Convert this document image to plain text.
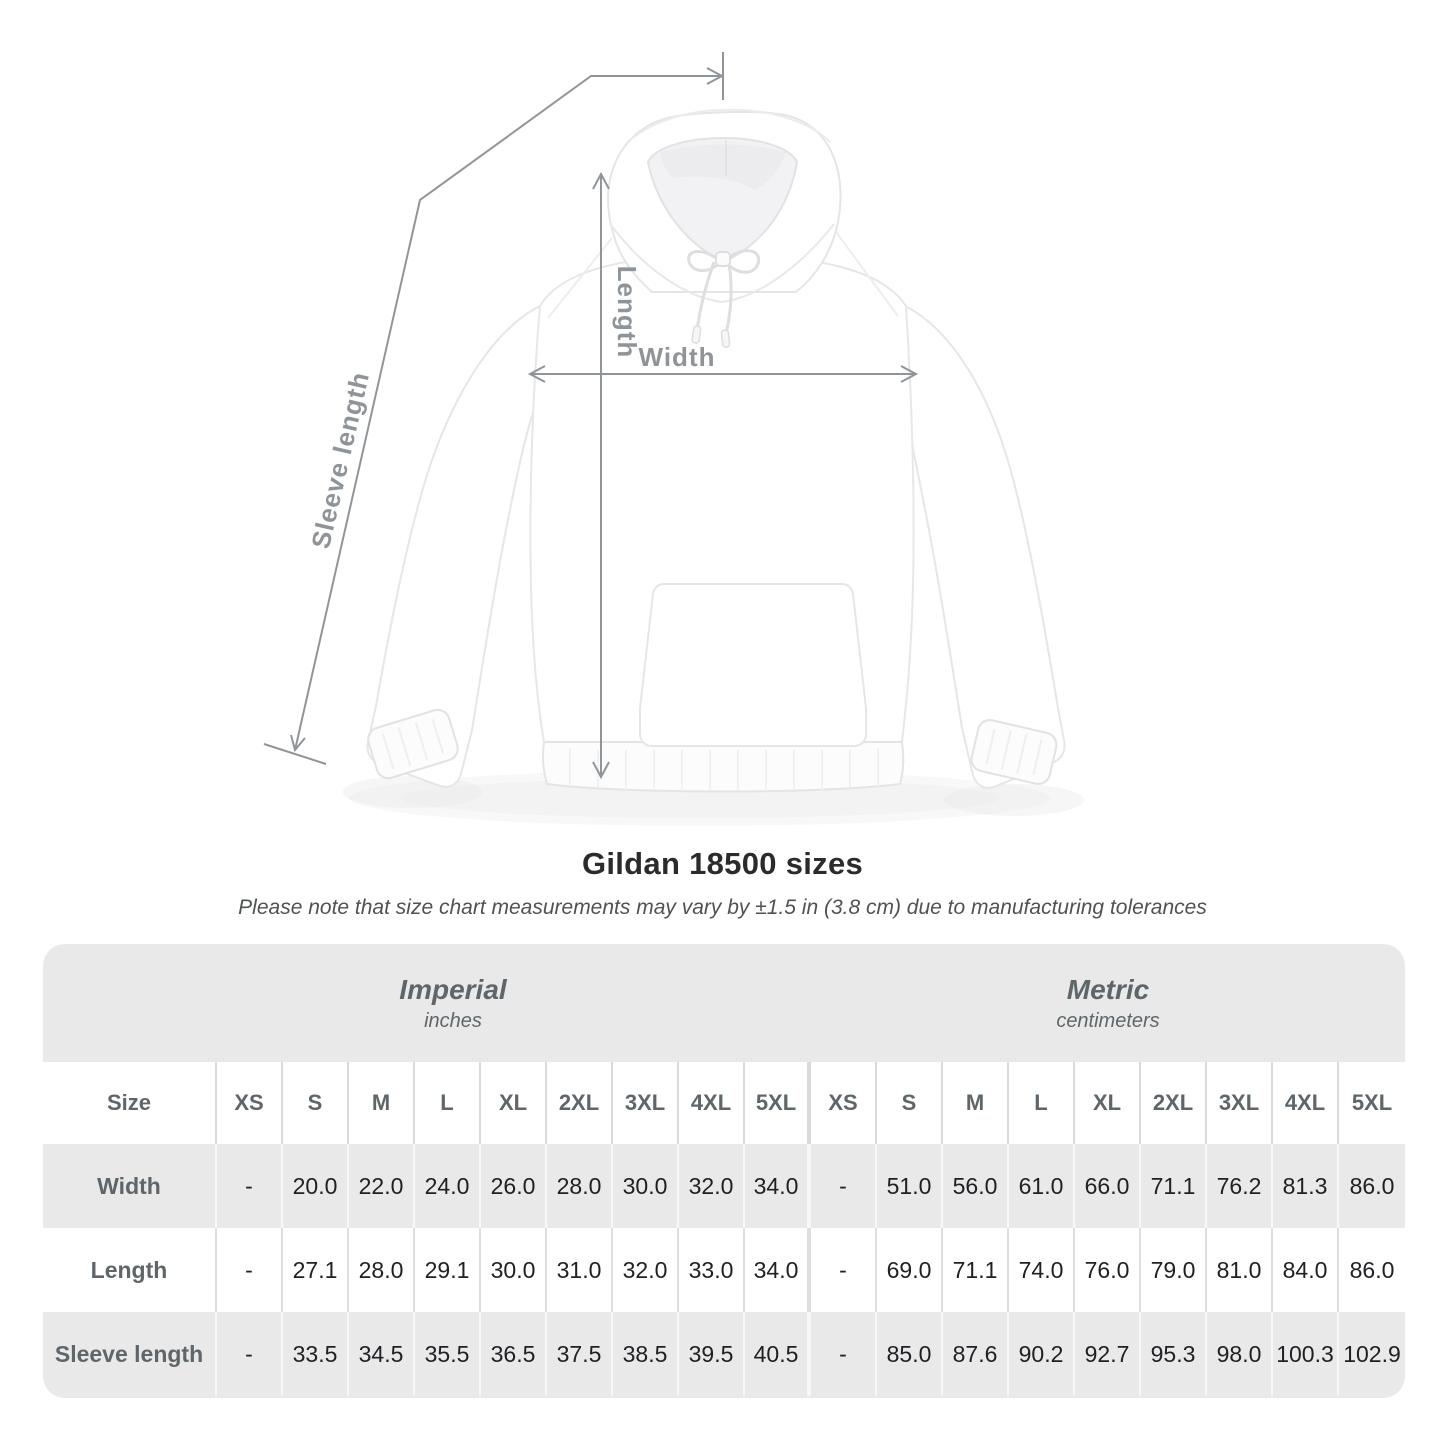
Width
Length
Sleeve length
Gildan 18500 sizes
Please note that size chart measurements may vary by ±1.5 in (3.8 cm) due to manufacturing tolerances
Imperial
inches
Metric
centimeters
Size	XS	S	M	L	XL	2XL	3XL	4XL	5XL	XS	S	M	L	XL	2XL	3XL	4XL	5XL
Width	-	20.0 22.0 24.0 26.0 28.0 30.0 32.0 34.0	-	51.0 56.0 61.0 66.0 71.1 76.2 81.3 86.0
Length	-	27.1 28.0 29.1 30.0 31.0 32.0 33.0 34.0	-	69.0 71.1 74.0 76.0 79.0 81.0 84.0 86.0
Sleeve length	-	33.5 34.5 35.5 36.5 37.5 38.5 39.5 40.5	-	85.0 87.6 90.2 92.7 95.3 98.0 100.3 102.9
